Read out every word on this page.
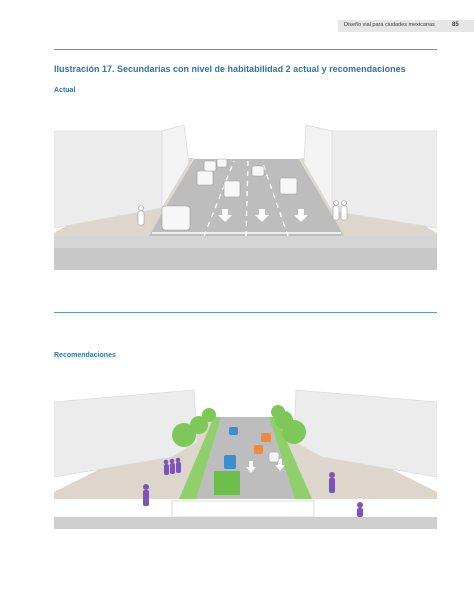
Diseño vial para ciudades mexicanas	85
Ilustración 17. Secundarias con nivel de habitabilidad 2 actual y recomendaciones
Actual
Recomendaciones
